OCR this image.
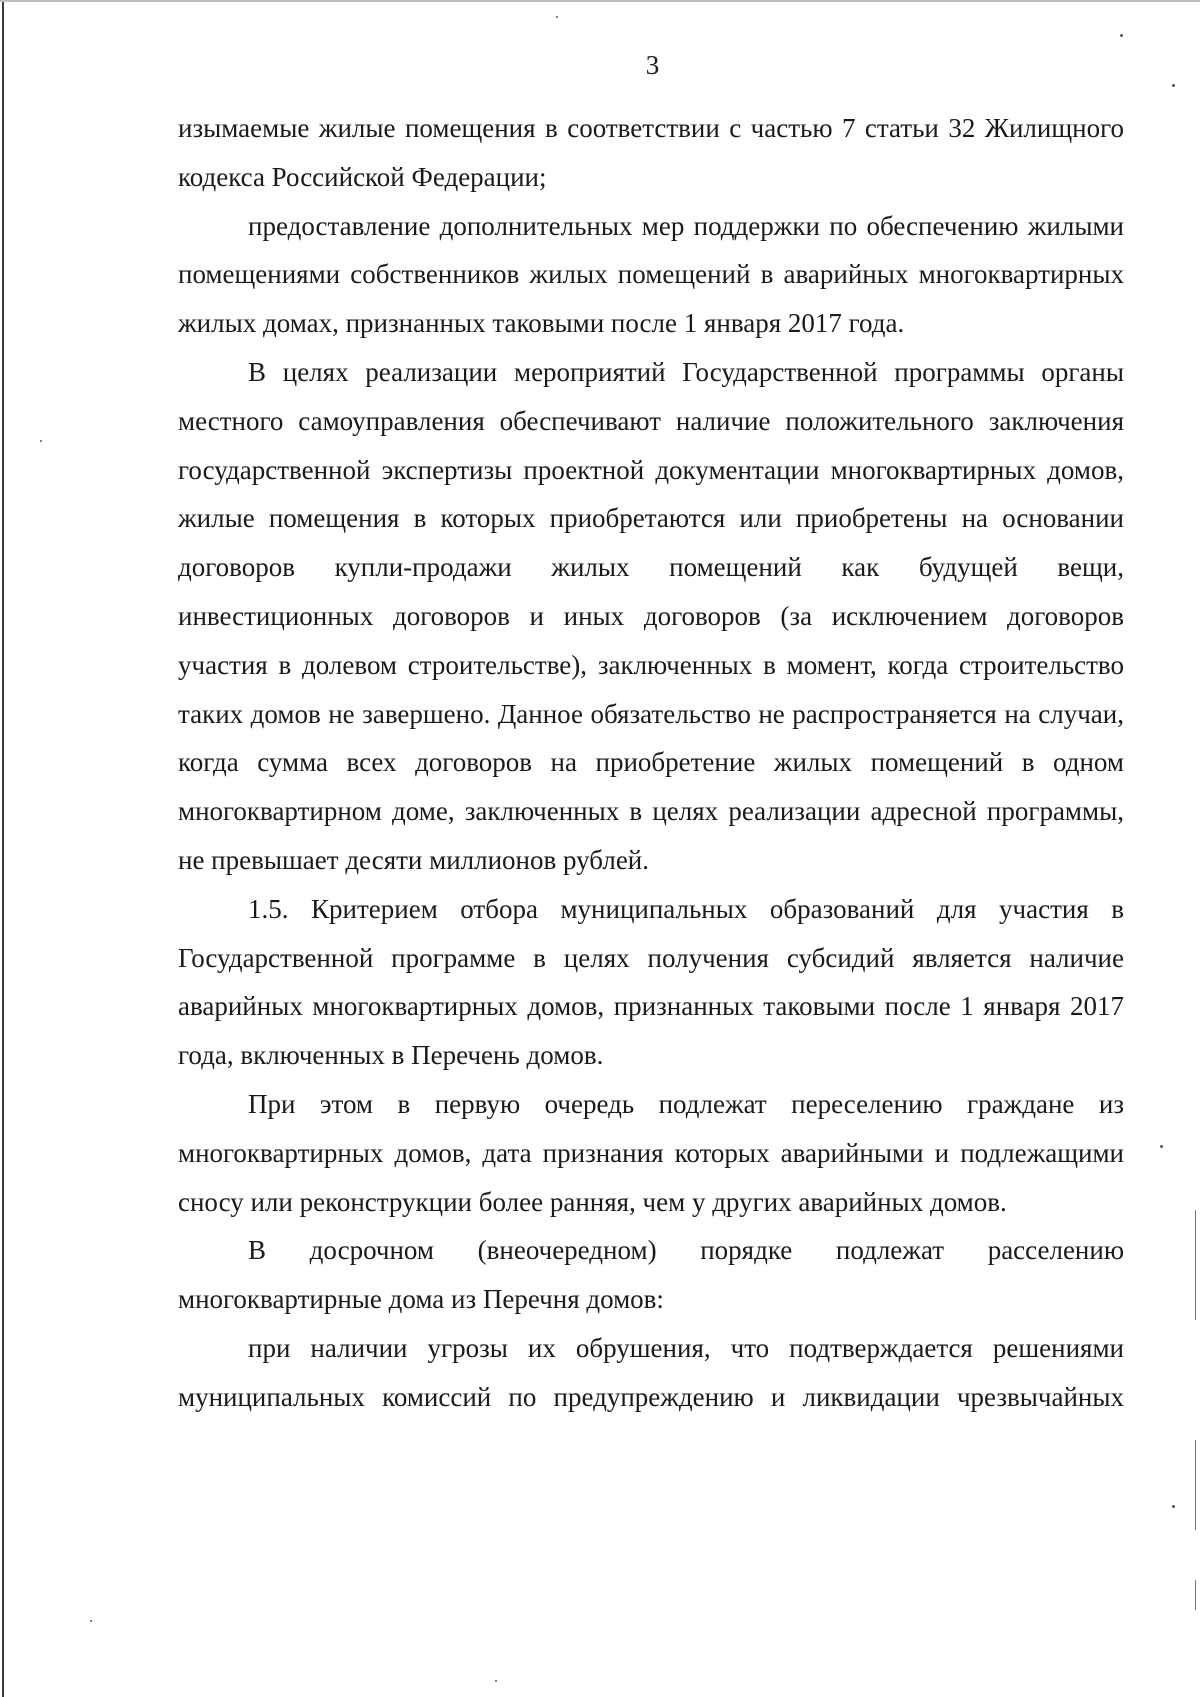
3

изымаемые жилые помещения в соответствии с частью 7 статьи 32 Жилищного кодекса Российской Федерации;

предоставление дополнительных мер поддержки по обеспечению жилыми помещениями собственников жилых помещений в аварийных многоквартирных жилых домах, признанных таковыми после 1 января 2017 года.

В целях реализации мероприятий Государственной программы органы местного самоуправления обеспечивают наличие положительного заключения государственной экспертизы проектной документации многоквартирных домов, жилые помещения в которых приобретаются или приобретены на основании договоров купли-продажи жилых помещений как будущей вещи, инвестиционных договоров и иных договоров (за исключением договоров участия в долевом строительстве), заключенных в момент, когда строительство таких домов не завершено. Данное обязательство не распространяется на случаи, когда сумма всех договоров на приобретение жилых помещений в одном многоквартирном доме, заключенных в целях реализации адресной программы, не превышает десяти миллионов рублей.

1.5. Критерием отбора муниципальных образований для участия в Государственной программе в целях получения субсидий является наличие аварийных многоквартирных домов, признанных таковыми после 1 января 2017 года, включенных в Перечень домов.

При этом в первую очередь подлежат переселению граждане из многоквартирных домов, дата признания которых аварийными и подлежащими сносу или реконструкции более ранняя, чем у других аварийных домов.

В досрочном (внеочередном) порядке подлежат расселению многоквартирные дома из Перечня домов:

при наличии угрозы их обрушения, что подтверждается решениями муниципальных комиссий по предупреждению и ликвидации чрезвычайных
